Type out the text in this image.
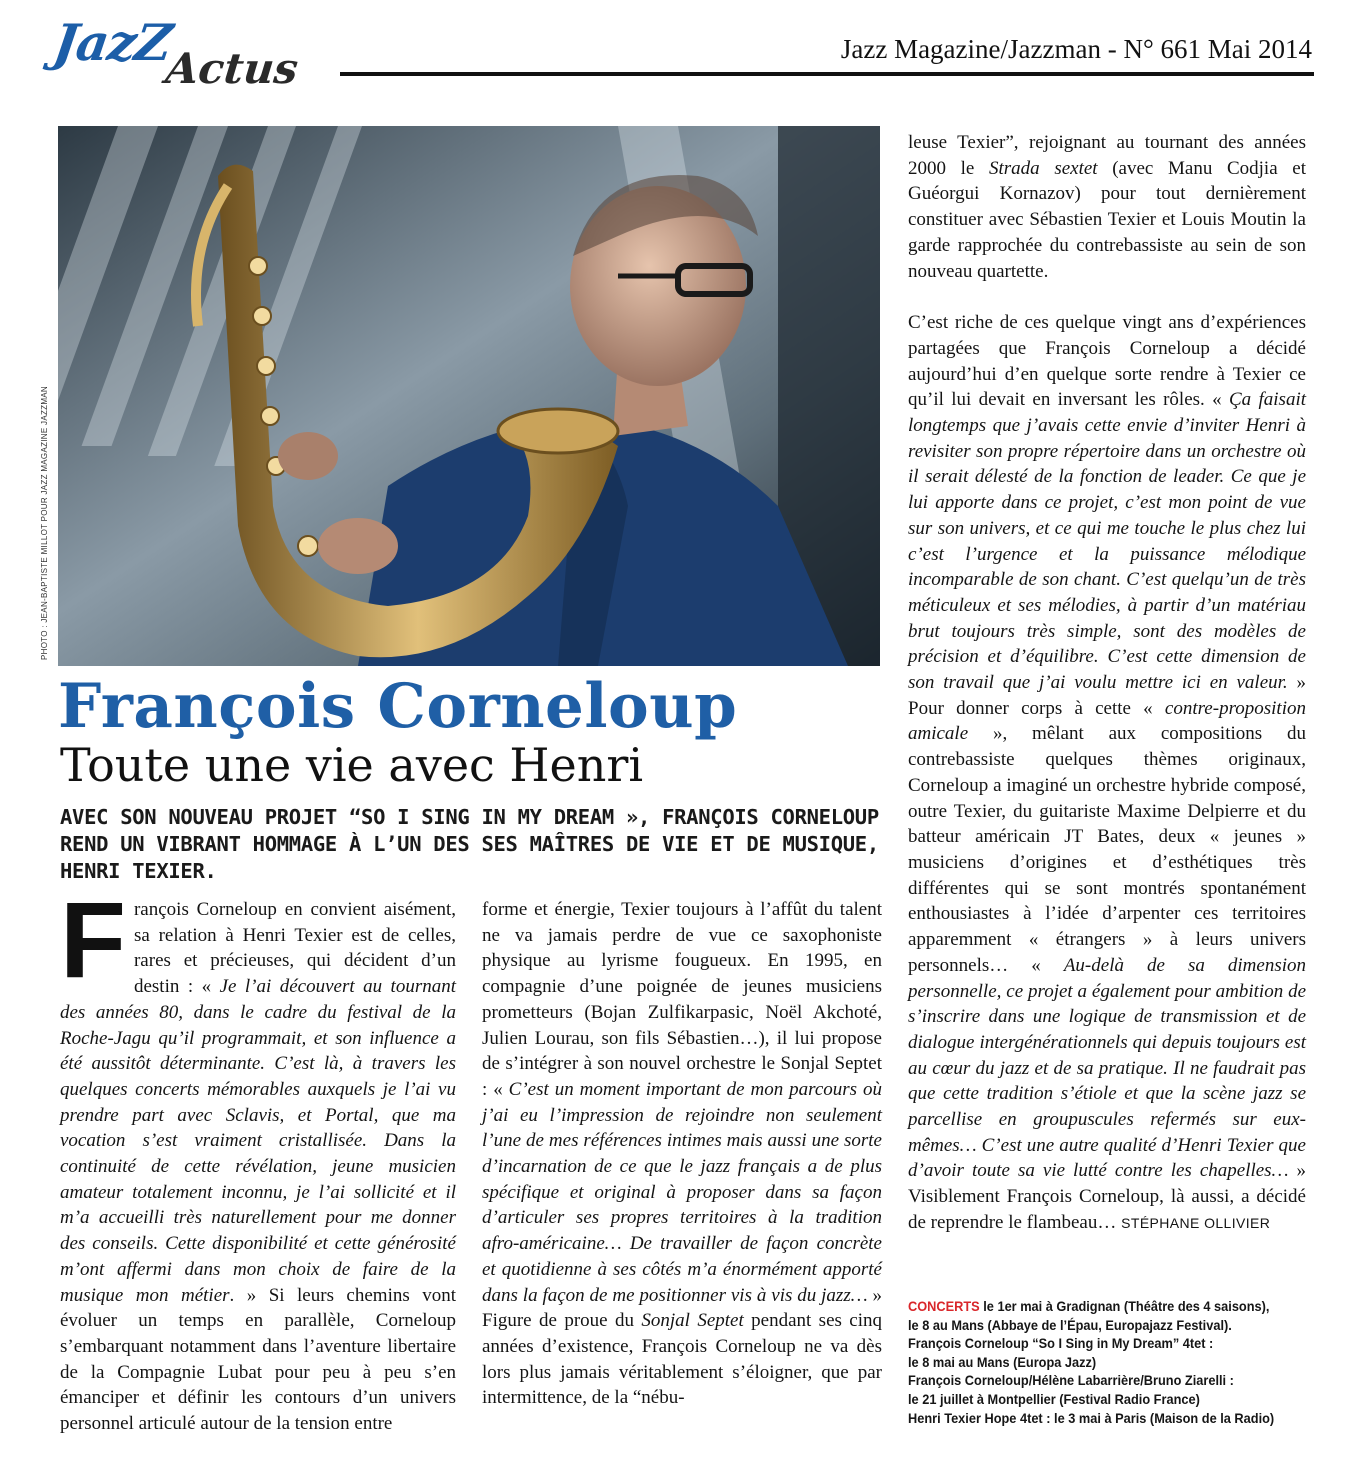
JazZ
Actus	Jazz Magazine/Jazzman - N° 661 Mai 2014
PHOTO : JEAN-BAPTISTE MILLOT POUR JAZZ MAGAZINE JAZZMAN
François Corneloup
Toute une vie avec Henri
AVEC SON NOUVEAU PROJET “SO I SING IN MY DREAM », FRANÇOIS CORNELOUP REND UN VIBRANT HOMMAGE À L’UN DES SES MAÎTRES DE VIE ET DE MUSIQUE, HENRI TEXIER.

François Corneloup en convient aisément, sa relation à Henri Texier est de celles, rares et précieuses, qui décident d’un destin : « Je l’ai découvert au tournant des années 80, dans le cadre du festival de la Roche-Jagu qu’il programmait, et son influence a été aussitôt déterminante. C’est là, à travers les quelques concerts mémorables auxquels je l’ai vu prendre part avec Sclavis, et Portal, que ma vocation s’est vraiment cristallisée. Dans la continuité de cette révélation, jeune musicien amateur totalement inconnu, je l’ai sollicité et il m’a accueilli très naturellement pour me donner des conseils. Cette disponibilité et cette générosité m’ont affermi dans mon choix de faire de la musique mon métier. » Si leurs chemins vont évoluer un temps en parallèle, Corneloup s’embarquant notamment dans l’aventure libertaire de la Compagnie Lubat pour peu à peu s’en émanciper et définir les contours d’un univers personnel articulé autour de la tension entre

forme et énergie, Texier toujours à l’affût du talent ne va jamais perdre de vue ce saxophoniste physique au lyrisme fougueux. En 1995, en compagnie d’une poignée de jeunes musiciens prometteurs (Bojan Zulfikarpasic, Noël Akchoté, Julien Lourau, son fils Sébastien…), il lui propose de s’intégrer à son nouvel orchestre le Sonjal Septet : « C’est un moment important de mon parcours où j’ai eu l’impression de rejoindre non seulement l’une de mes références intimes mais aussi une sorte d’incarnation de ce que le jazz français a de plus spécifique et original à proposer dans sa façon d’articuler ses propres territoires à la tradition afro-américaine… De travailler de façon concrète et quotidienne à ses côtés m’a énormément apporté dans la façon de me positionner vis à vis du jazz… » Figure de proue du Sonjal Septet pendant ses cinq années d’existence, François Corneloup ne va dès lors plus jamais véritablement s’éloigner, que par intermittence, de la “nébu-

leuse Texier”, rejoignant au tournant des années 2000 le Strada sextet (avec Manu Codjia et Guéorgui Kornazov) pour tout dernièrement constituer avec Sébastien Texier et Louis Moutin la garde rapprochée du contrebassiste au sein de son nouveau quartette.

C’est riche de ces quelque vingt ans d’expériences partagées que François Corneloup a décidé aujourd’hui d’en quelque sorte rendre à Texier ce qu’il lui devait en inversant les rôles. « Ça faisait longtemps que j’avais cette envie d’inviter Henri à revisiter son propre répertoire dans un orchestre où il serait délesté de la fonction de leader. Ce que je lui apporte dans ce projet, c’est mon point de vue sur son univers, et ce qui me touche le plus chez lui c’est l’urgence et la puissance mélodique incomparable de son chant. C’est quelqu’un de très méticuleux et ses mélodies, à partir d’un matériau brut toujours très simple, sont des modèles de précision et d’équilibre. C’est cette dimension de son travail que j’ai voulu mettre ici en valeur. » Pour donner corps à cette « contre-proposition amicale », mêlant aux compositions du contrebassiste quelques thèmes originaux, Corneloup a imaginé un orchestre hybride composé, outre Texier, du guitariste Maxime Delpierre et du batteur américain JT Bates, deux « jeunes » musiciens d’origines et d’esthétiques très différentes qui se sont montrés spontanément enthousiastes à l’idée d’arpenter ces territoires apparemment « étrangers » à leurs univers personnels… « Au-delà de sa dimension personnelle, ce projet a également pour ambition de s’inscrire dans une logique de transmission et de dialogue intergénérationnels qui depuis toujours est au cœur du jazz et de sa pratique. Il ne faudrait pas que cette tradition s’étiole et que la scène jazz se parcellise en groupuscules refermés sur eux-mêmes… C’est une autre qualité d’Henri Texier que d’avoir toute sa vie lutté contre les chapelles… » Visiblement François Corneloup, là aussi, a décidé de reprendre le flambeau… STÉPHANE OLLIVIER

CONCERTS le 1er mai à Gradignan (Théâtre des 4 saisons),
le 8 au Mans (Abbaye de l’Épau, Europajazz Festival).
François Corneloup “So I Sing in My Dream” 4tet :
le 8 mai au Mans (Europa Jazz)
François Corneloup/Hélène Labarrière/Bruno Ziarelli :
le 21 juillet à Montpellier (Festival Radio France)
Henri Texier Hope 4tet : le 3 mai à Paris (Maison de la Radio)
